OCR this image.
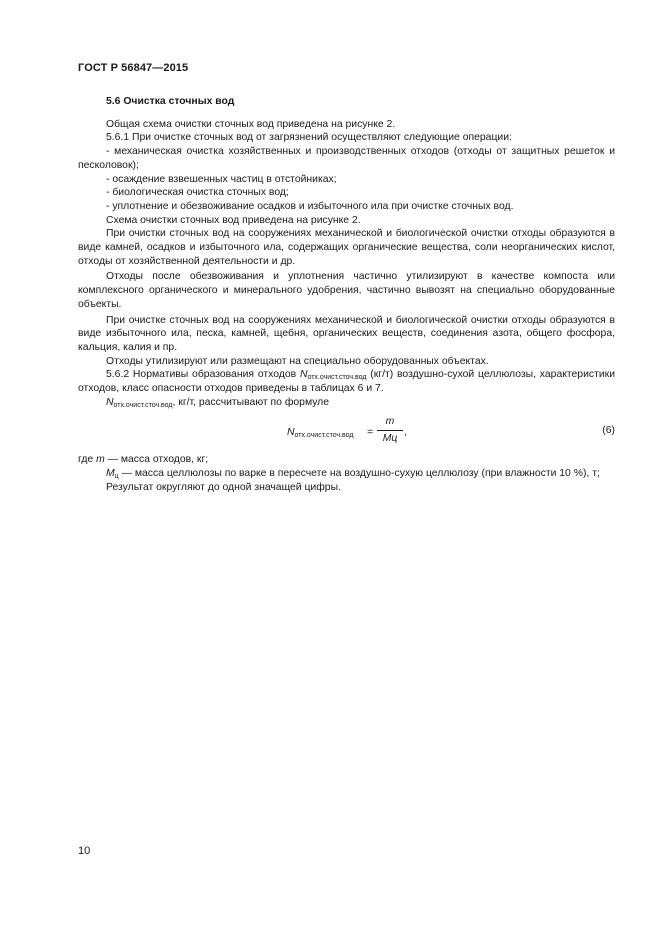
ГОСТ Р 56847—2015
5.6 Очистка сточных вод

Общая схема очистки сточных вод приведена на рисунке 2.

5.6.1 При очистке сточных вод от загрязнений осуществляют следующие операции:

- механическая очистка хозяйственных и производственных отходов (отходы от защитных решеток и песколовок);

- осаждение взвешенных частиц в отстойниках;

- биологическая очистка сточных вод;

- уплотнение и обезвоживание осадков и избыточного ила при очистке сточных вод.

Схема очистки сточных вод приведена на рисунке 2.

При очистки сточных вод на сооружениях механической и биологической очистки отходы образуются в виде камней, осадков и избыточного ила, содержащих органические вещества, соли неорганических кислот, отходы от хозяйственной деятельности и др.

Отходы после обезвоживания и уплотнения частично утилизируют в качестве компоста или комплексного органического и минерального удобрения, частично вывозят на специально оборудованные объекты.

При очистке сточных вод на сооружениях механической и биологической очистки отходы образуются в виде избыточного ила, песка, камней, щебня, органических веществ, соединения азота, общего фосфора, кальция, калия и пр.

Отходы утилизируют или размещают на специально оборудованных объектах.

5.6.2 Нормативы образования отходов $N_{отх.очист.сточ.вод}$ (кг/т) воздушно-сухой целлюлозы, характеристики отходов, класс опасности отходов приведены в таблицах 6 и 7.

$N_{отх.очист.сточ.вод}$, кг/т, рассчитывают по формуле

$N_{отх.очист.сточ.вод}$ =
m
Mц
,	(6)

где m — масса отходов, кг;

$M_ц$ — масса целлюлозы по варке в пересчете на воздушно-сухую целлюлозу (при влажности 10 %), т;

Результат округляют до одной значащей цифры.

10
